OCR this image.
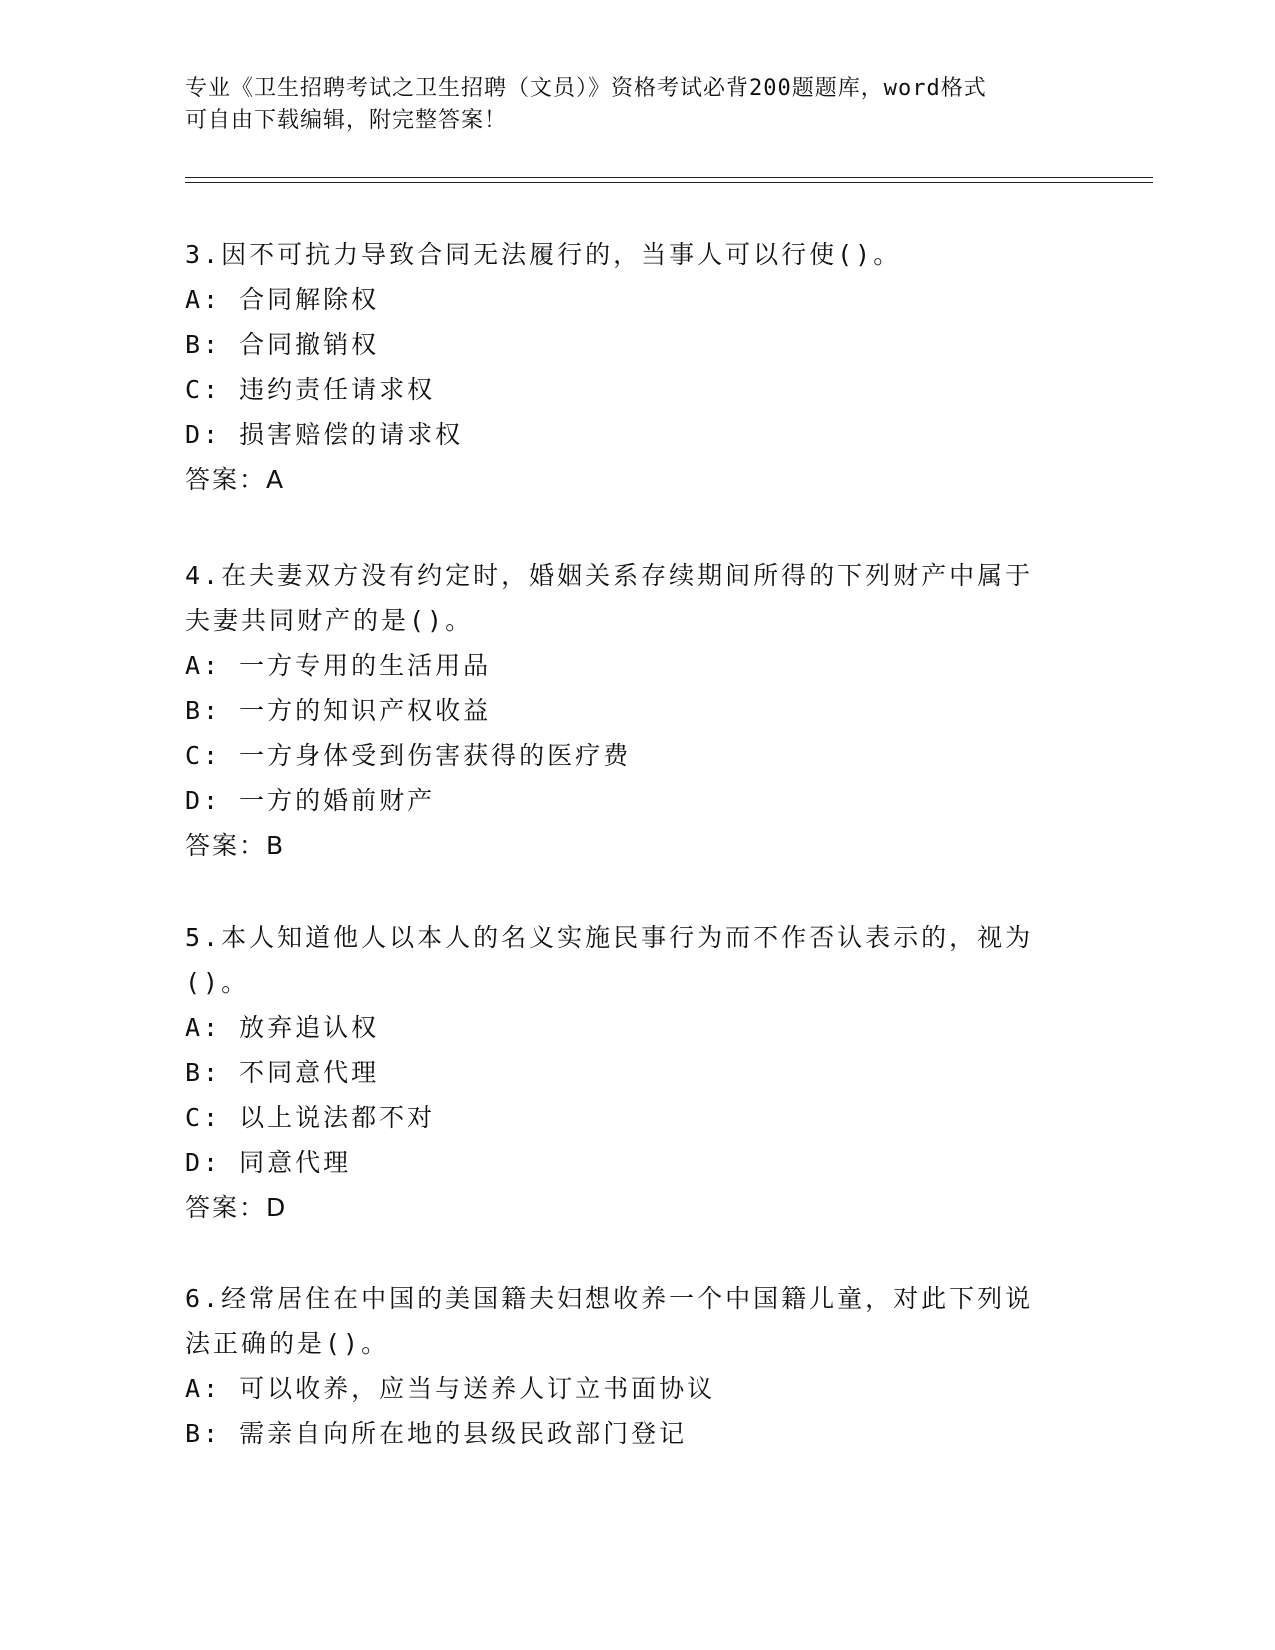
专业《卫生招聘考试之卫生招聘（文员）》资格考试必背200题题库，word格式
可自由下载编辑，附完整答案！

3.因不可抗力导致合同无法履行的，当事人可以行使()。

A: 合同解除权

B: 合同撤销权

C: 违约责任请求权

D: 损害赔偿的请求权

答案：A

4.在夫妻双方没有约定时，婚姻关系存续期间所得的下列财产中属于

夫妻共同财产的是()。

A: 一方专用的生活用品

B: 一方的知识产权收益

C: 一方身体受到伤害获得的医疗费

D: 一方的婚前财产

答案：B

5.本人知道他人以本人的名义实施民事行为而不作否认表示的，视为

()。

A: 放弃追认权

B: 不同意代理

C: 以上说法都不对

D: 同意代理

答案：D

6.经常居住在中国的美国籍夫妇想收养一个中国籍儿童，对此下列说

法正确的是()。

A: 可以收养，应当与送养人订立书面协议

B: 需亲自向所在地的县级民政部门登记
